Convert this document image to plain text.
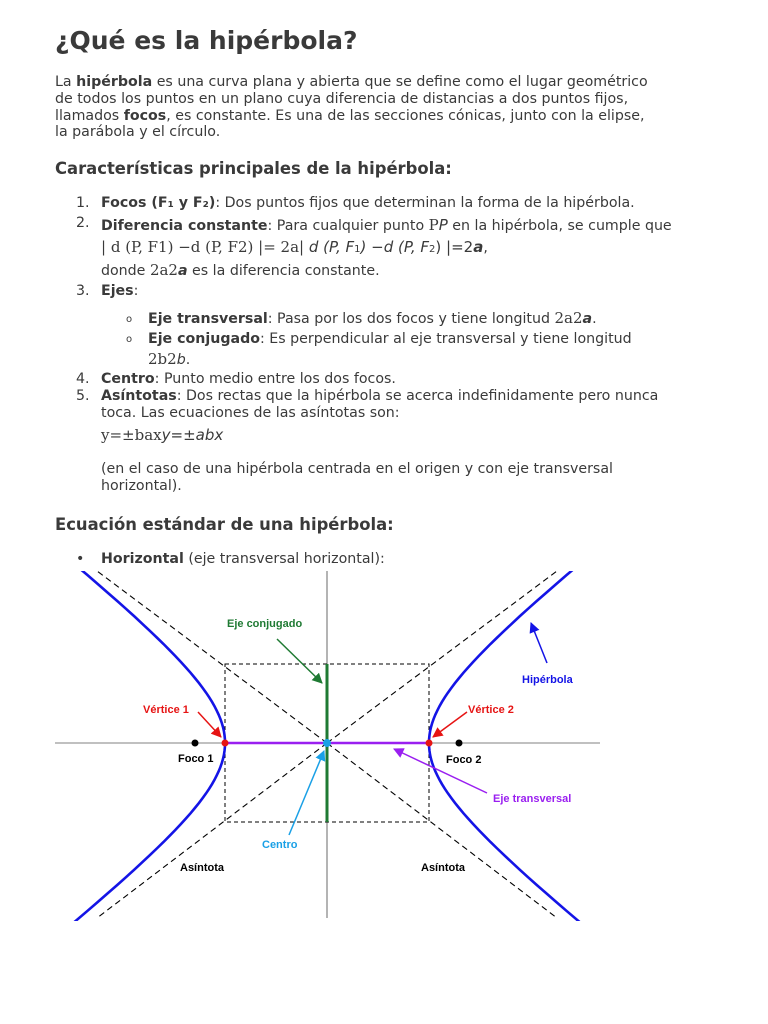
¿Qué es la hipérbola?

La hipérbola es una curva plana y abierta que se define como el lugar geométrico de todos los puntos en un plano cuya diferencia de distancias a dos puntos fijos, llamados focos, es constante. Es una de las secciones cónicas, junto con la elipse, la parábola y el círculo.

Características principales de la hipérbola:
1. Focos (F₁ y F₂): Dos puntos fijos que determinan la forma de la hipérbola.
2. Diferencia constante: Para cualquier punto PP en la hipérbola, se cumple que | d (P, F1) −d (P, F2) |= 2a| d (P, F1) −d (P, F2) |=2a,
donde 2a2a es la diferencia constante.
3. Ejes:
o Eje transversal: Pasa por los dos focos y tiene longitud 2a2a.
o Eje conjugado: Es perpendicular al eje transversal y tiene longitud 2b2b.
4. Centro: Punto medio entre los dos focos.
5. Asíntotas: Dos rectas que la hipérbola se acerca indefinidamente pero nunca toca. Las ecuaciones de las asíntotas son:
y=±baxy=±abx
(en el caso de una hipérbola centrada en el origen y con eje transversal horizontal).
Ecuación estándar de una hipérbola:
• Horizontal (eje transversal horizontal):
Eje conjugado
Hipérbola
Vértice 1	Vértice 2
Foco 1	Foco 2
Eje transversal
Centro
Asíntota	Asíntota
